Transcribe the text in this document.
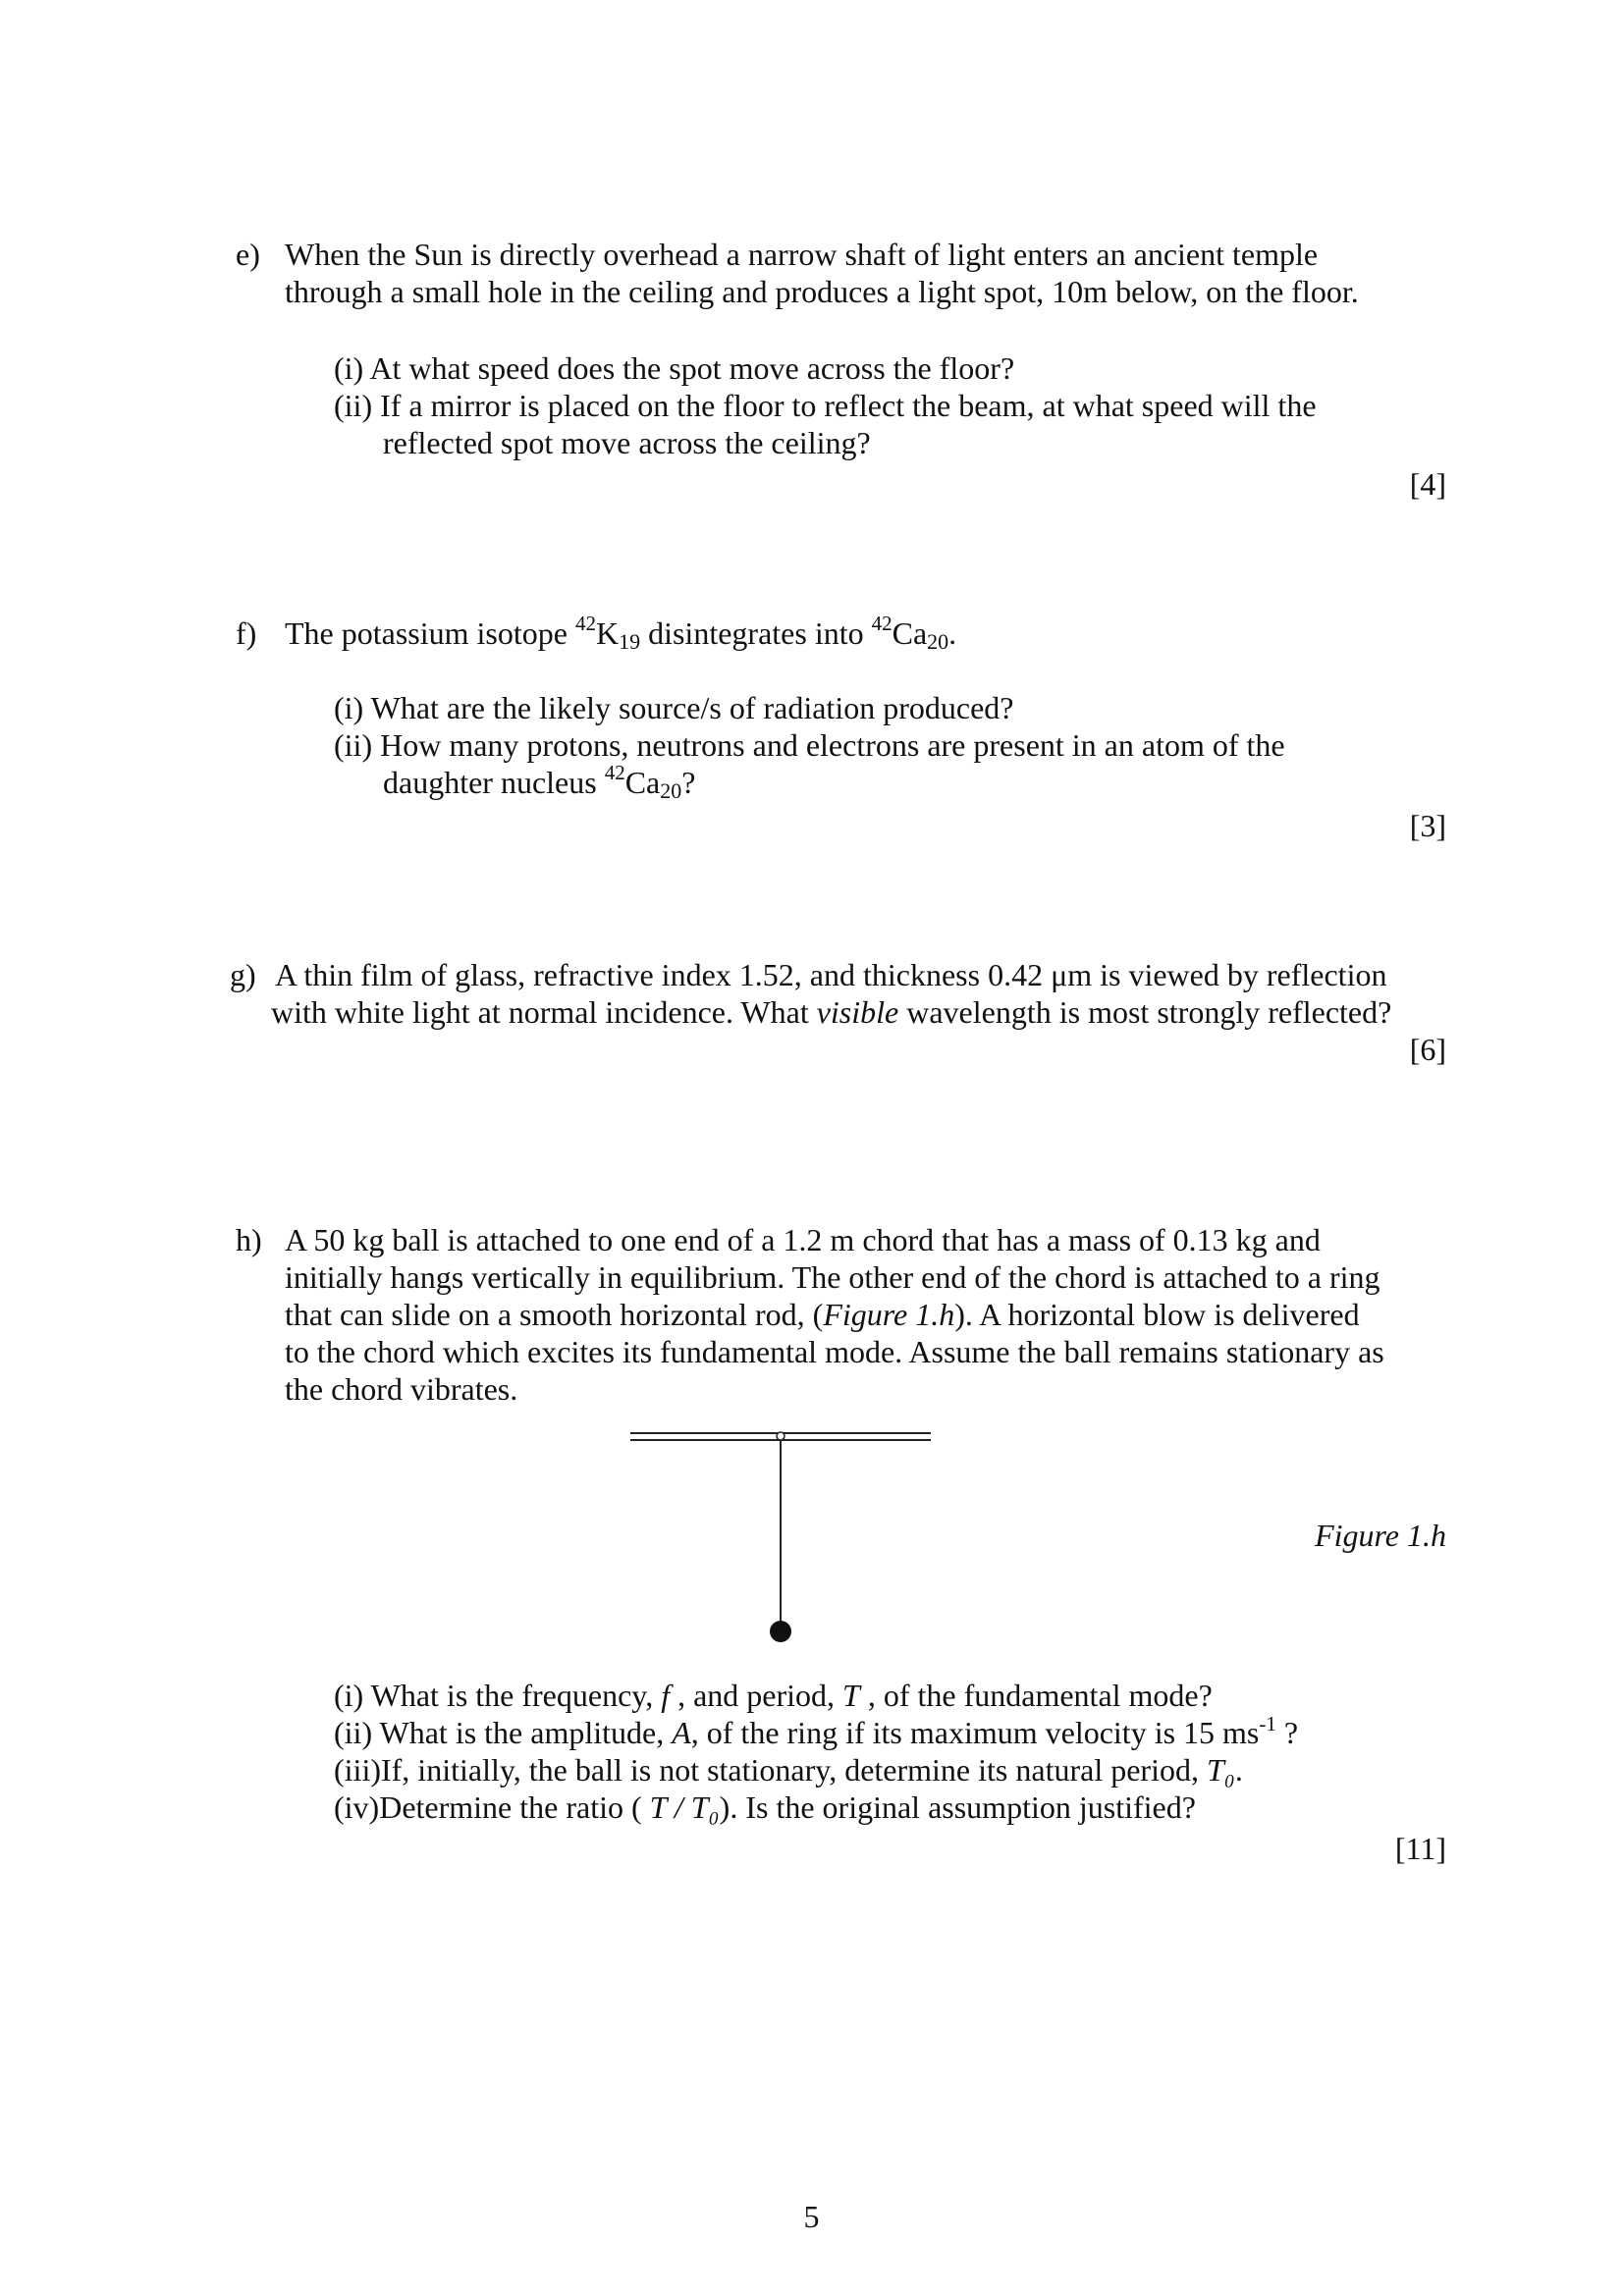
e) When the Sun is directly overhead a narrow shaft of light enters an ancient temple
through a small hole in the ceiling and produces a light spot, 10m below, on the floor.
(i) At what speed does the spot move across the floor?
(ii) If a mirror is placed on the floor to reflect the beam, at what speed will the
reflected spot move across the ceiling?
[4]
f) The potassium isotope $^{42}K_{19}$ disintegrates into $^{42}Ca_{20}$.
(i) What are the likely source/s of radiation produced?
(ii) How many protons, neutrons and electrons are present in an atom of the
daughter nucleus $^{42}Ca_{20}$?
[3]
g) A thin film of glass, refractive index 1.52, and thickness 0.42 μm is viewed by reflection
with white light at normal incidence. What visible wavelength is most strongly reflected?
[6]
h) A 50 kg ball is attached to one end of a 1.2 m chord that has a mass of 0.13 kg and
initially hangs vertically in equilibrium. The other end of the chord is attached to a ring
that can slide on a smooth horizontal rod, (Figure 1.h). A horizontal blow is delivered
to the chord which excites its fundamental mode. Assume the ball remains stationary as
the chord vibrates.
Figure 1.h
(i) What is the frequency, f , and period, T , of the fundamental mode?
(ii) What is the amplitude, A, of the ring if its maximum velocity is 15 $ms^{-1}$ ?
(iii)If, initially, the ball is not stationary, determine its natural period, T₀.
(iv)Determine the ratio ( T / T₀). Is the original assumption justified?
[11]
5
